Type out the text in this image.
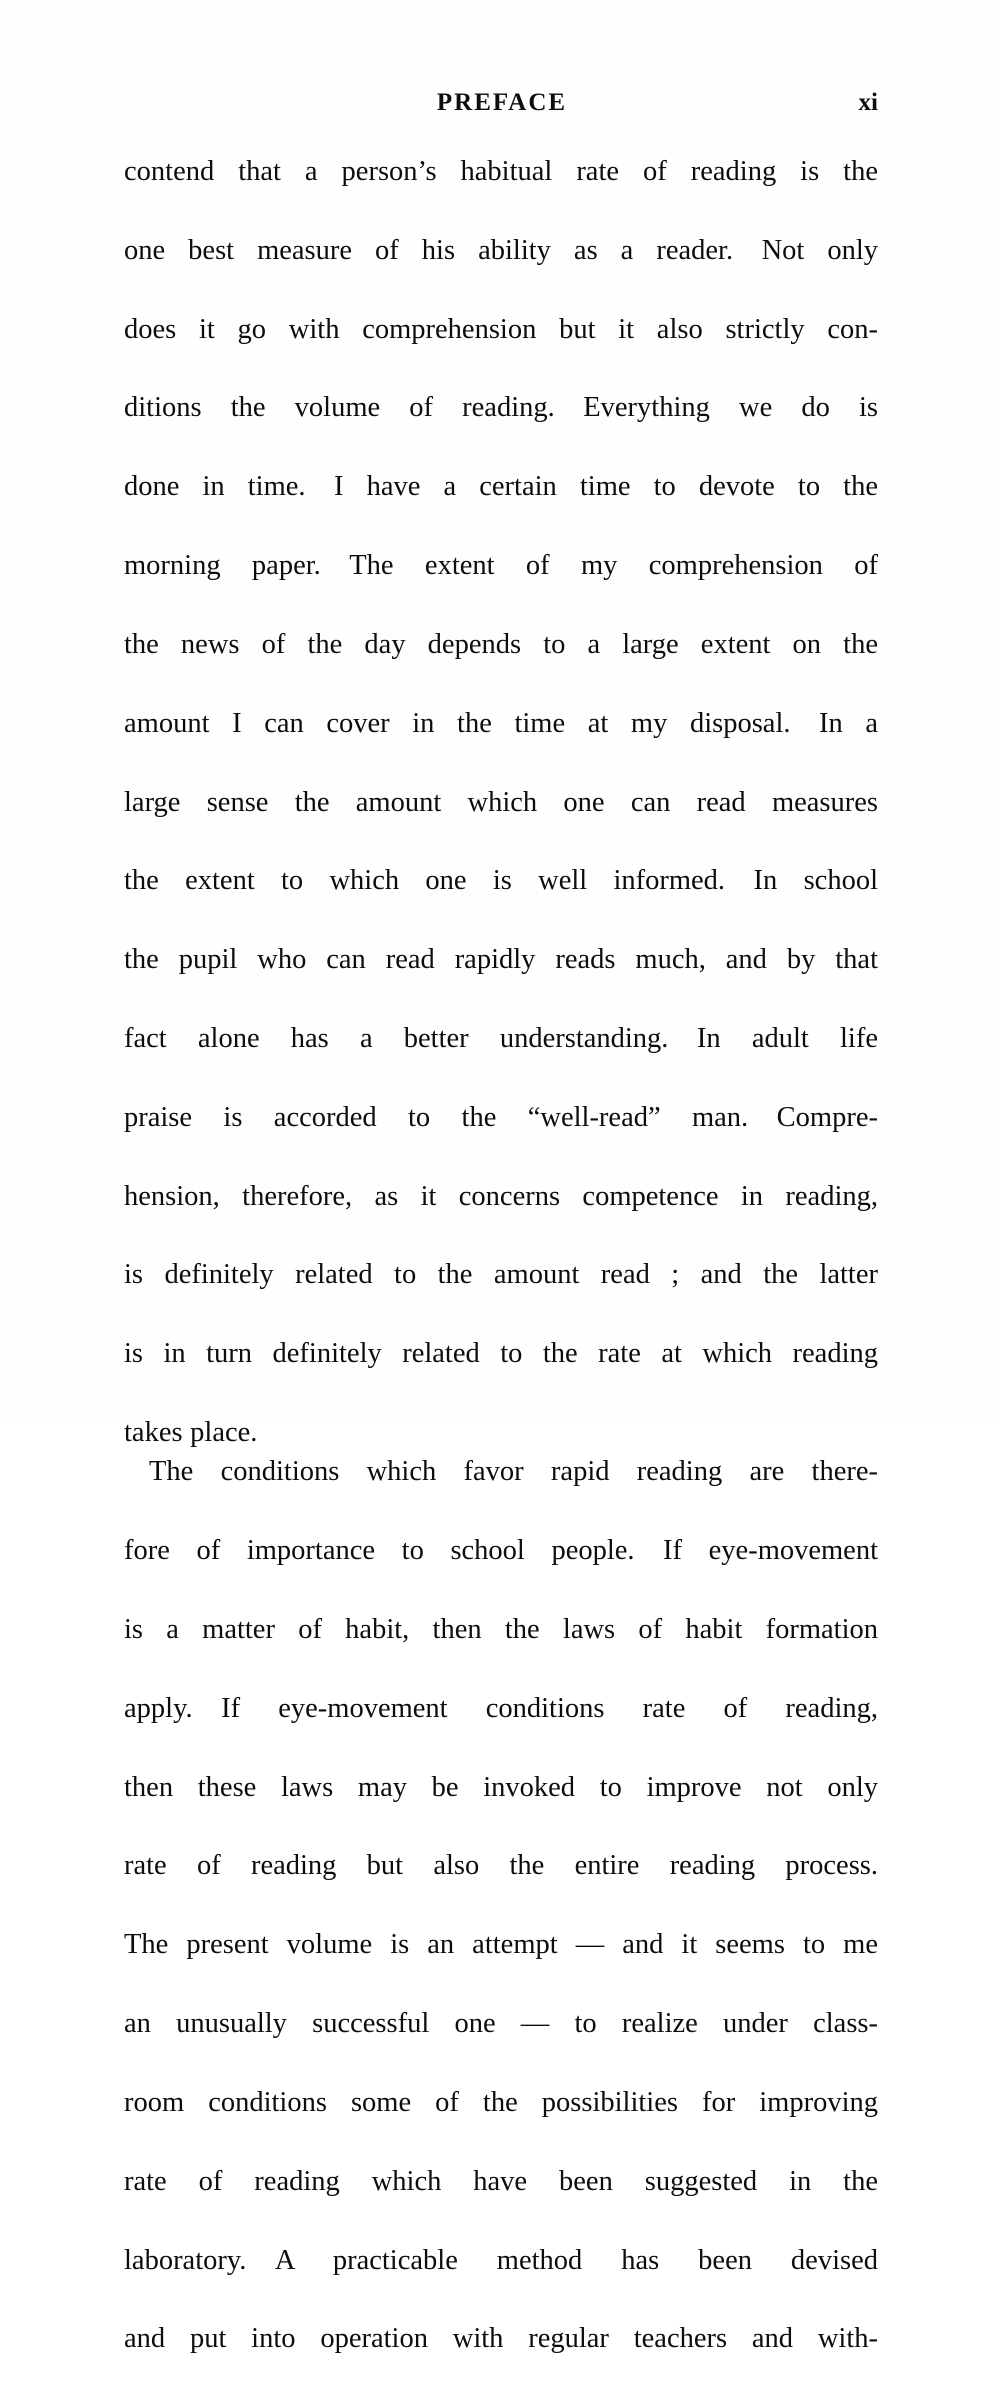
PREFACE	xi

contend that a person’s habitual rate of reading is theone best measure of his ability as a reader. Not onlydoes it go with comprehension but it also strictly con-ditions the volume of reading. Everything we do isdone in time. I have a certain time to devote to themorning paper. The extent of my comprehension ofthe news of the day depends to a large extent on theamount I can cover in the time at my disposal. In alarge sense the amount which one can read measuresthe extent to which one is well informed. In schoolthe pupil who can read rapidly reads much, and by thatfact alone has a better understanding. In adult lifepraise is accorded to the “well-read” man. Compre-hension, therefore, as it concerns competence in reading,is definitely related to the amount read ; and the latteris in turn definitely related to the rate at which readingtakes place.

The conditions which favor rapid reading are there-fore of importance to school people. If eye-movementis a matter of habit, then the laws of habit formationapply. If eye-movement conditions rate of reading,then these laws may be invoked to improve not onlyrate of reading but also the entire reading process.The present volume is an attempt — and it seems to mean unusually successful one — to realize under class-room conditions some of the possibilities for improvingrate of reading which have been suggested in thelaboratory. A practicable method has been devisedand put into operation with regular teachers and with-
